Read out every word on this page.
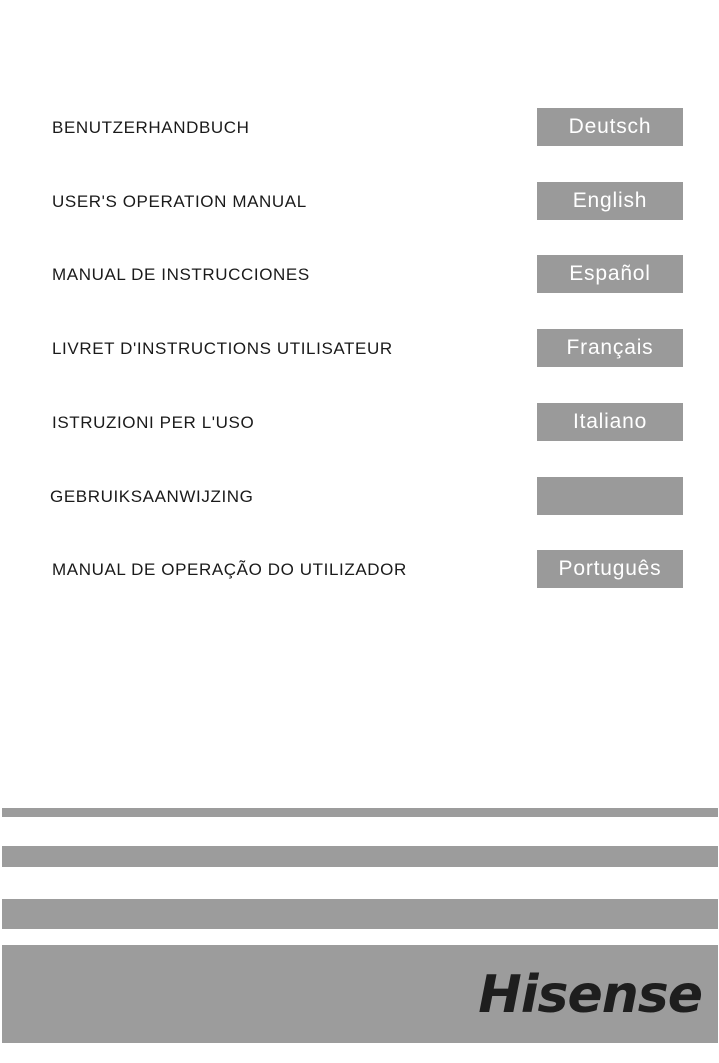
BENUTZERHANDBUCH	Deutsch
USER'S OPERATION MANUAL	English
MANUAL DE INSTRUCCIONES	Español
LIVRET D'INSTRUCTIONS UTILISATEUR	Français
ISTRUZIONI PER L'USO	Italiano
GEBRUIKSAANWIJZING
MANUAL DE OPERAÇÃO DO UTILIZADOR	Português
Hisense
